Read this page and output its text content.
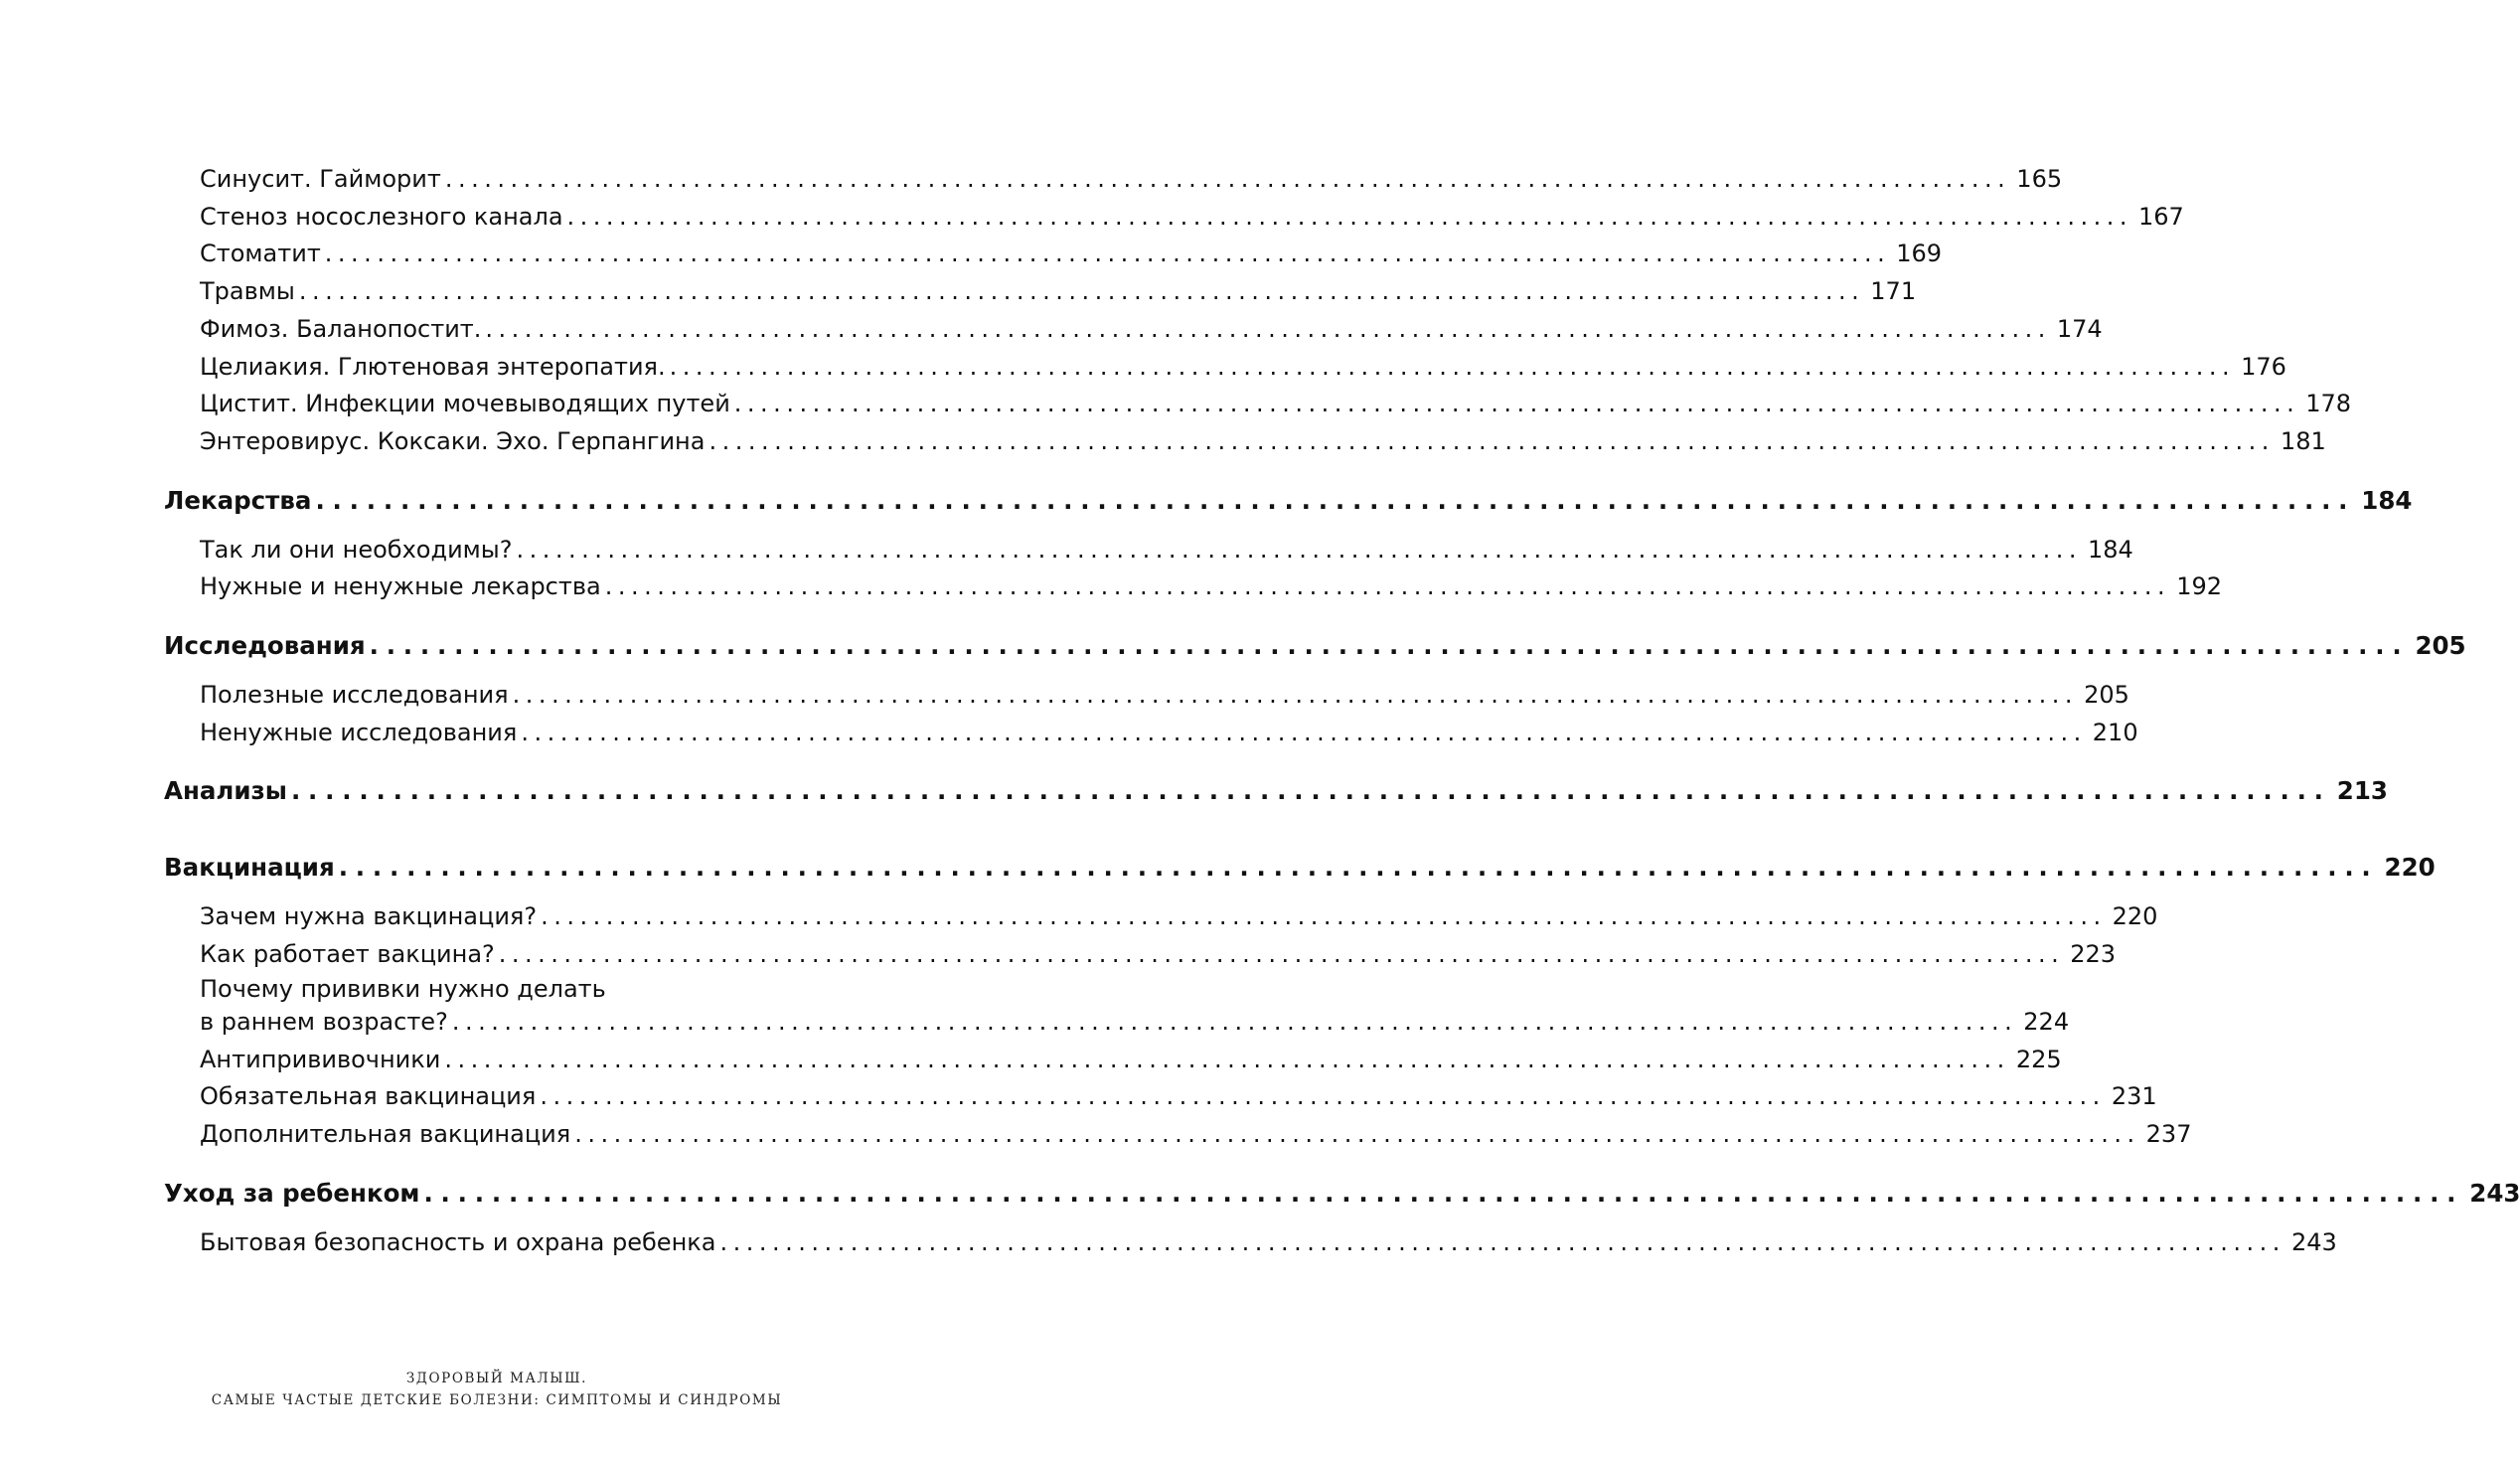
Синусит. Гайморит ........................................................................................................................ 165
Стеноз носослезного канала ........................................................................................................................ 167
Стоматит ........................................................................................................................ 169
Травмы ........................................................................................................................ 171
Фимоз. Баланопостит. ........................................................................................................................ 174
Целиакия. Глютеновая энтеропатия. ........................................................................................................................ 176
Цистит. Инфекции мочевыводящих путей ........................................................................................................................ 178
Энтеровирус. Коксаки. Эхо. Герпангина ........................................................................................................................ 181
Лекарства ........................................................................................................................ 184
Так ли они необходимы? ........................................................................................................................ 184
Нужные и ненужные лекарства ........................................................................................................................ 192
Исследования ........................................................................................................................ 205
Полезные исследования ........................................................................................................................ 205
Ненужные исследования ........................................................................................................................ 210
Анализы ........................................................................................................................ 213
Вакцинация ........................................................................................................................ 220
Зачем нужна вакцинация? ........................................................................................................................ 220
Как работает вакцина? ........................................................................................................................ 223
Почему прививки нужно делать
в раннем возрасте? ........................................................................................................................ 224
Антипрививочники ........................................................................................................................ 225
Обязательная вакцинация ........................................................................................................................ 231
Дополнительная вакцинация ........................................................................................................................ 237
Уход за ребенком ........................................................................................................................ 243
Бытовая безопасность и охрана ребенка ........................................................................................................................ 243
ЗДОРОВЫЙ МАЛЫШ.
САМЫЕ ЧАСТЫЕ ДЕТСКИЕ БОЛЕЗНИ: СИМПТОМЫ И СИНДРОМЫ
